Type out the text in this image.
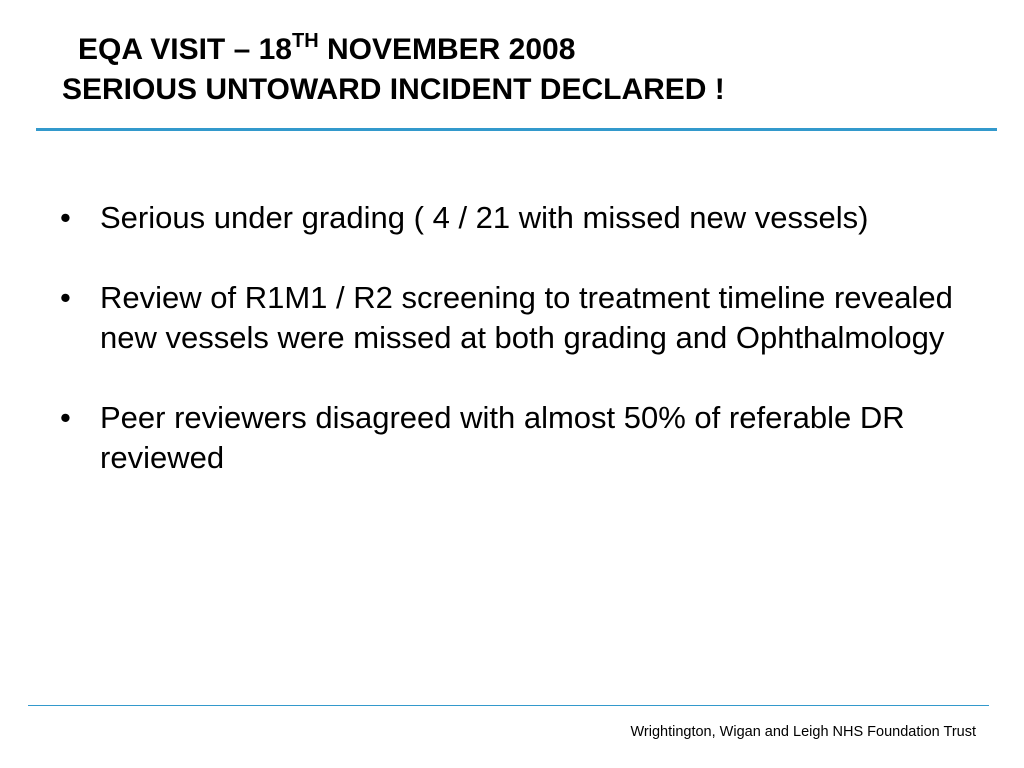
EQA VISIT – 18TH NOVEMBER 2008
SERIOUS UNTOWARD INCIDENT DECLARED !
• Serious under grading ( 4 / 21 with missed new vessels)
• Review of R1M1 / R2 screening to treatment timeline revealed new vessels were missed at both grading and Ophthalmology
• Peer reviewers disagreed with almost 50% of referable DR reviewed
Wrightington, Wigan and Leigh NHS Foundation Trust
